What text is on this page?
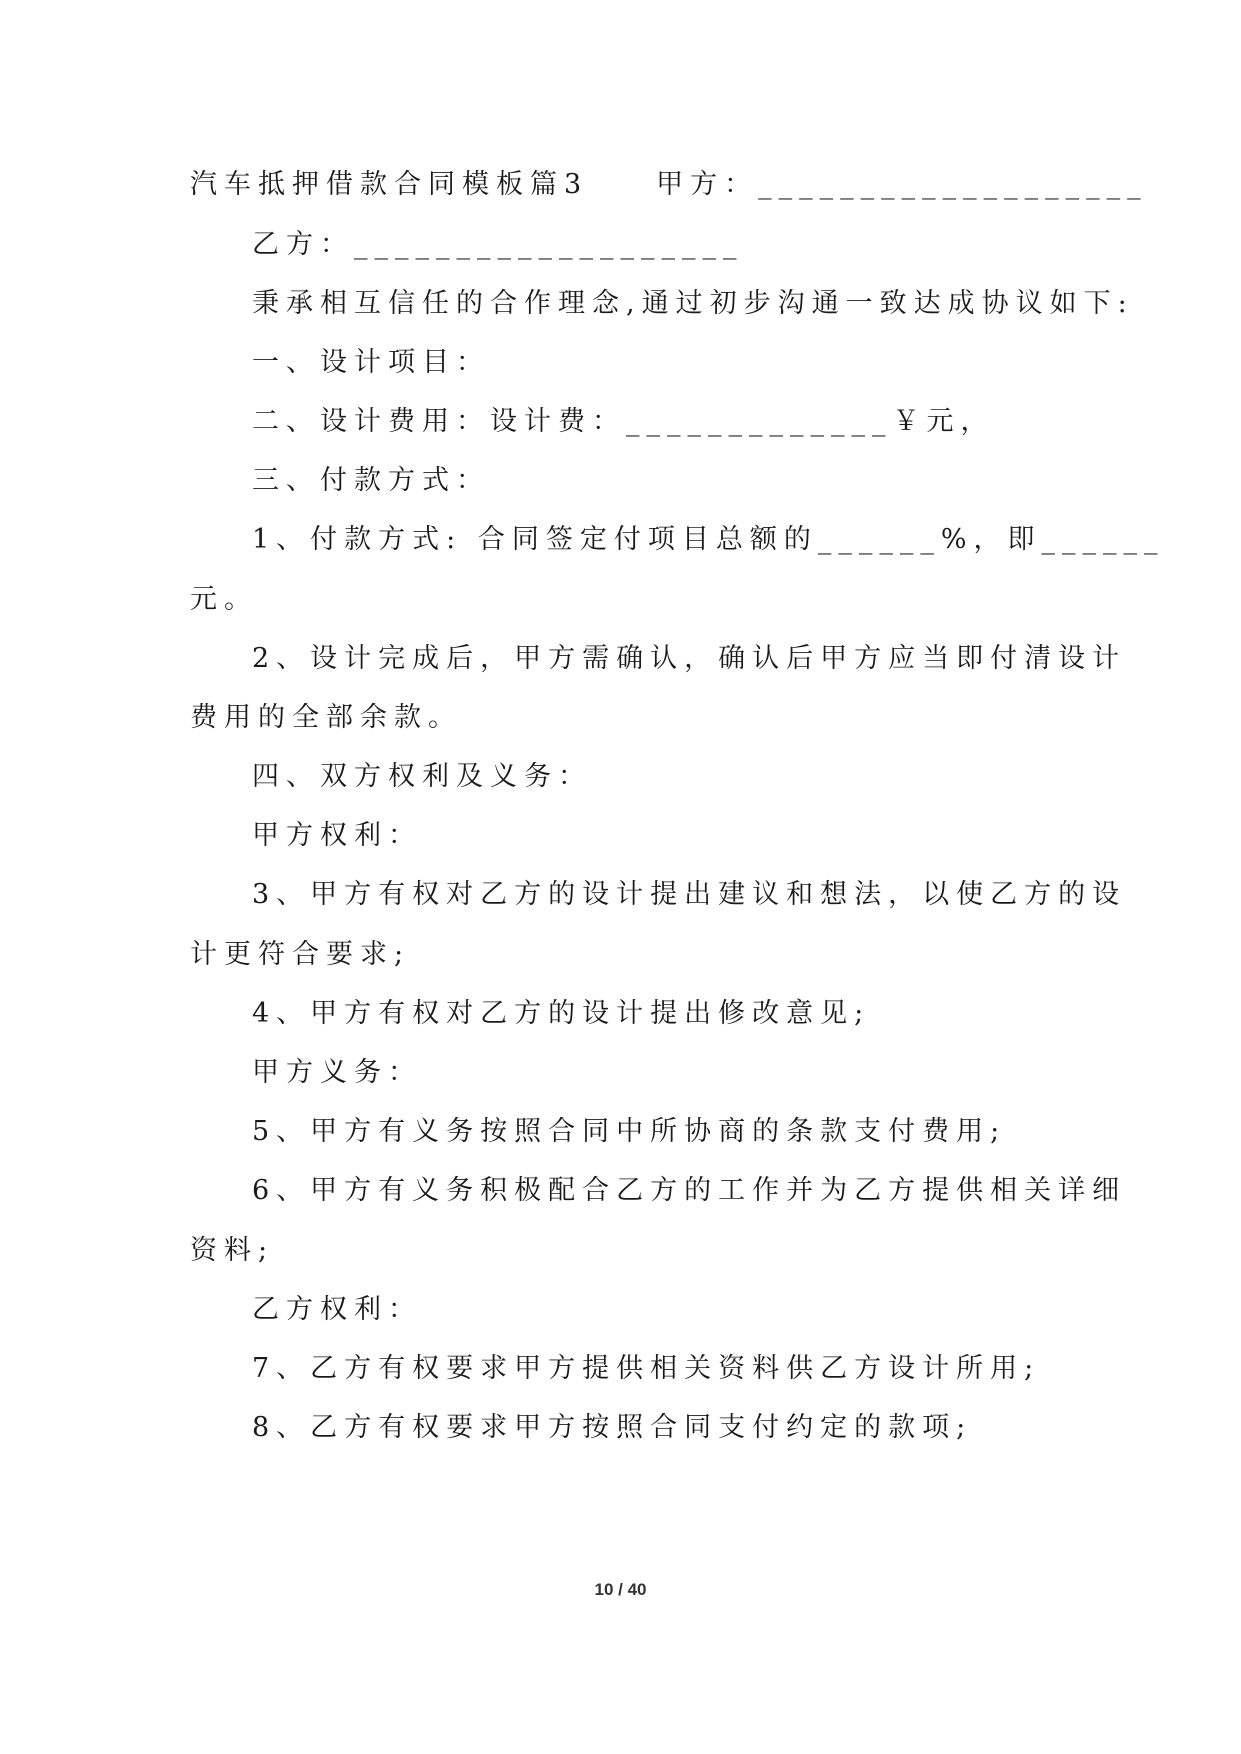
汽车抵押借款合同模板篇3　　甲方：___________________
乙方：___________________
秉承相互信任的合作理念,通过初步沟通一致达成协议如下:
一、设计项目：
二、设计费用：设计费：_____________￥元，
三、付款方式：
1、付款方式: 合同签定付项目总额的______%，即______
元。
2、设计完成后，甲方需确认，确认后甲方应当即付清设计
费用的全部余款。
四、双方权利及义务：
甲方权利：
3、甲方有权对乙方的设计提出建议和想法，以使乙方的设
计更符合要求;
4、甲方有权对乙方的设计提出修改意见;
甲方义务：
5、甲方有义务按照合同中所协商的条款支付费用;
6、甲方有义务积极配合乙方的工作并为乙方提供相关详细
资料;
乙方权利：
7、乙方有权要求甲方提供相关资料供乙方设计所用;
8、乙方有权要求甲方按照合同支付约定的款项;
10 / 40
